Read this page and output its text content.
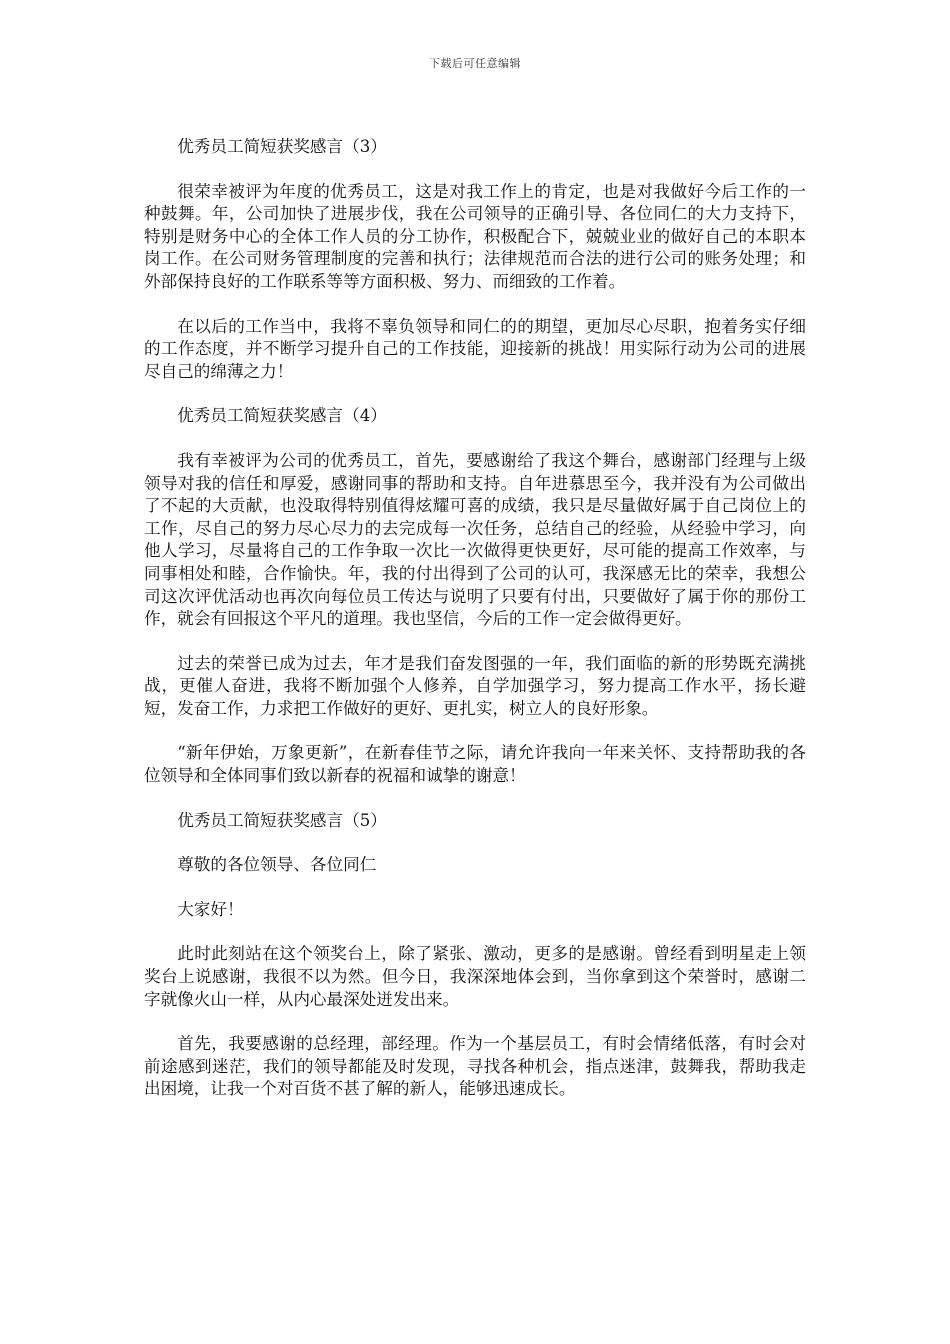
下载后可任意编辑

优秀员工简短获奖感言（3）

很荣幸被评为年度的优秀员工，这是对我工作上的肯定，也是对我做好今后工作的一种鼓舞。年，公司加快了进展步伐，我在公司领导的正确引导、各位同仁的大力支持下，特别是财务中心的全体工作人员的分工协作，积极配合下，兢兢业业的做好自己的本职本岗工作。在公司财务管理制度的完善和执行；法律规范而合法的进行公司的账务处理；和外部保持良好的工作联系等等方面积极、努力、而细致的工作着。

在以后的工作当中，我将不辜负领导和同仁的的期望，更加尽心尽职，抱着务实仔细的工作态度，并不断学习提升自己的工作技能，迎接新的挑战！用实际行动为公司的进展尽自己的绵薄之力！

优秀员工简短获奖感言（4）

我有幸被评为公司的优秀员工，首先，要感谢给了我这个舞台，感谢部门经理与上级领导对我的信任和厚爱，感谢同事的帮助和支持。自年进慕思至今，我并没有为公司做出了不起的大贡献，也没取得特别值得炫耀可喜的成绩，我只是尽量做好属于自己岗位上的工作，尽自己的努力尽心尽力的去完成每一次任务，总结自己的经验，从经验中学习，向他人学习，尽量将自己的工作争取一次比一次做得更快更好，尽可能的提高工作效率，与同事相处和睦，合作愉快。年，我的付出得到了公司的认可，我深感无比的荣幸，我想公司这次评优活动也再次向每位员工传达与说明了只要有付出，只要做好了属于你的那份工作，就会有回报这个平凡的道理。我也坚信，今后的工作一定会做得更好。

过去的荣誉已成为过去，年才是我们奋发图强的一年，我们面临的新的形势既充满挑战，更催人奋进，我将不断加强个人修养，自学加强学习，努力提高工作水平，扬长避短，发奋工作，力求把工作做好的更好、更扎实，树立人的良好形象。

“新年伊始，万象更新”，在新春佳节之际，请允许我向一年来关怀、支持帮助我的各位领导和全体同事们致以新春的祝福和诚挚的谢意！

优秀员工简短获奖感言（5）

尊敬的各位领导、各位同仁

大家好！

此时此刻站在这个领奖台上，除了紧张、激动，更多的是感谢。曾经看到明星走上领奖台上说感谢，我很不以为然。但今日，我深深地体会到，当你拿到这个荣誉时，感谢二字就像火山一样，从内心最深处迸发出来。

首先，我要感谢的总经理，部经理。作为一个基层员工，有时会情绪低落，有时会对前途感到迷茫，我们的领导都能及时发现，寻找各种机会，指点迷津，鼓舞我，帮助我走出困境，让我一个对百货不甚了解的新人，能够迅速成长。
